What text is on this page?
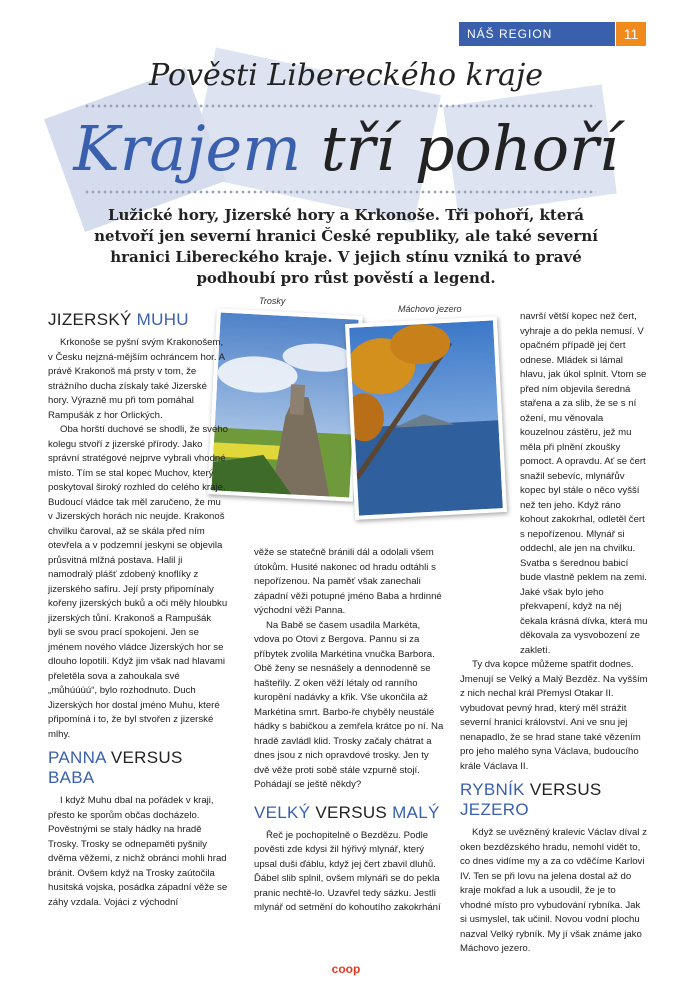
NÁŠ REGION	11
Pověsti Libereckého kraje
Krajem tří pohoří
Lužické hory, Jizerské hory a Krkonoše. Tři pohoří, která netvoří jen severní hranici České republiky, ale také severní hranici Libereckého kraje. V jejich stínu vzniká to pravé podhoubí pro růst pověstí a legend.
Trosky
Máchovo jezero
JIZERSKÝ MUHU

Krkonoše se pyšní svým Krakonošem, v Česku nejzná-mějším ochráncem hor. A právě Krakonoš má prsty v tom, že strážního ducha získaly také Jizerské hory. Výrazně mu při tom pomáhal Rampušák z hor Orlických.

Oba horští duchové se shodli, že svého kolegu stvoří z jizerské přírody. Jako správní stratégové nejprve vybrali vhodné místo. Tím se stal kopec Muchov, který poskytoval široký rozhled do celého kraje. Budoucí vládce tak měl zaručeno, že mu v Jizerských horách nic neujde. Krakonoš chvilku čaroval, až se skála před ním otevřela a v podzemní jeskyni se objevila průsvitná mlžná postava. Halil ji namodralý plášť zdobený knoflíky z jizerského safíru. Její prsty připomínaly kořeny jizerských buků a oči měly hloubku jizerských tůní. Krakonoš a Rampušák byli se svou prací spokojeni. Jen se jménem nového vládce Jizerských hor se dlouho lopotili. Když jim však nad hlavami přeletěla sova a zahoukala své „můhúúúú“, bylo rozhodnuto. Duch Jizerských hor dostal jméno Muhu, které připomíná i to, že byl stvořen z jizerské mlhy.

PANNA VERSUS BABA

I když Muhu dbal na pořádek v kraji, přesto ke sporům občas docházelo. Pověstnými se staly hádky na hradě Trosky. Trosky se odnepaměti pyšnily dvěma věžemi, z nichž obránci mohli hrad bránit. Ovšem když na Trosky zaútočila husitská vojska, posádka západní věže se záhy vzdala. Vojáci z východní

věže se statečně bránili dál a odolali všem útokům. Husité nakonec od hradu odtáhli s nepořízenou. Na paměť však zanechali západní věži potupné jméno Baba a hrdinné východní věži Panna.

Na Babě se časem usadila Markéta, vdova po Otovi z Bergova. Pannu si za příbytek zvolila Markétina vnučka Barbora. Obě ženy se nesnášely a dennodenně se hašteřily. Z oken věží létaly od ranního kuropění nadávky a křik. Vše ukončila až Markétina smrt. Barbo-ře chyběly neustálé hádky s babičkou a zemřela krátce po ní. Na hradě zavládl klid. Trosky začaly chátrat a dnes jsou z nich opravdové trosky. Jen ty dvě věže proti sobě stále vzpurně stojí. Pohádají se ještě někdy?

VELKÝ VERSUS MALÝ

Řeč je pochopitelně o Bezdězu. Podle pověsti zde kdysi žil hýřivý mlynář, který upsal duši ďáblu, když jej čert zbavil dluhů. Ďábel slib splnil, ovšem mlynáři se do pekla pranic nechtě-lo. Uzavřel tedy sázku. Jestli mlynář od setmění do kohoutího zakokrhání

navrší větší kopec než čert, vyhraje a do pekla nemusí. V opačném případě jej čert odnese. Mládek si lámal hlavu, jak úkol splnit. Vtom se před ním objevila šeredná stařena a za slib, že se s ní ožení, mu věnovala kouzelnou zástěru, jež mu měla při plnění zkoušky pomoct. A opravdu. Ať se čert snažil sebevíc, mlynářův kopec byl stále o něco vyšší než ten jeho. Když ráno kohout zakokrhal, odletěl čert s nepořízenou. Mlynář si oddechl, ale jen na chvilku. Svatba s šerednou babicí bude vlastně peklem na zemi. Jaké však bylo jeho překvapení, když na něj čekala krásná dívka, která mu děkovala za vysvobození ze zakletí.

Ty dva kopce můžeme spatřit dodnes. Jmenují se Velký a Malý Bezděz. Na vyšším z nich nechal král Přemysl Otakar II. vybudovat pevný hrad, který měl strážit severní hranici království. Ani ve snu jej nenapadlo, že se hrad stane také vězením pro jeho malého syna Václava, budoucího krále Václava II.

RYBNÍK VERSUS JEZERO

Když se uvězněný kralevic Václav díval z oken bezdězského hradu, nemohl vidět to, co dnes vidíme my a za co vděčíme Karlovi IV. Ten se při lovu na jelena dostal až do kraje mokřad a luk a usoudil, že je to vhodné místo pro vybudování rybníka. Jak si usmyslel, tak učinil. Novou vodní plochu nazval Velký rybník. My jí však známe jako Máchovo jezero.

coop
